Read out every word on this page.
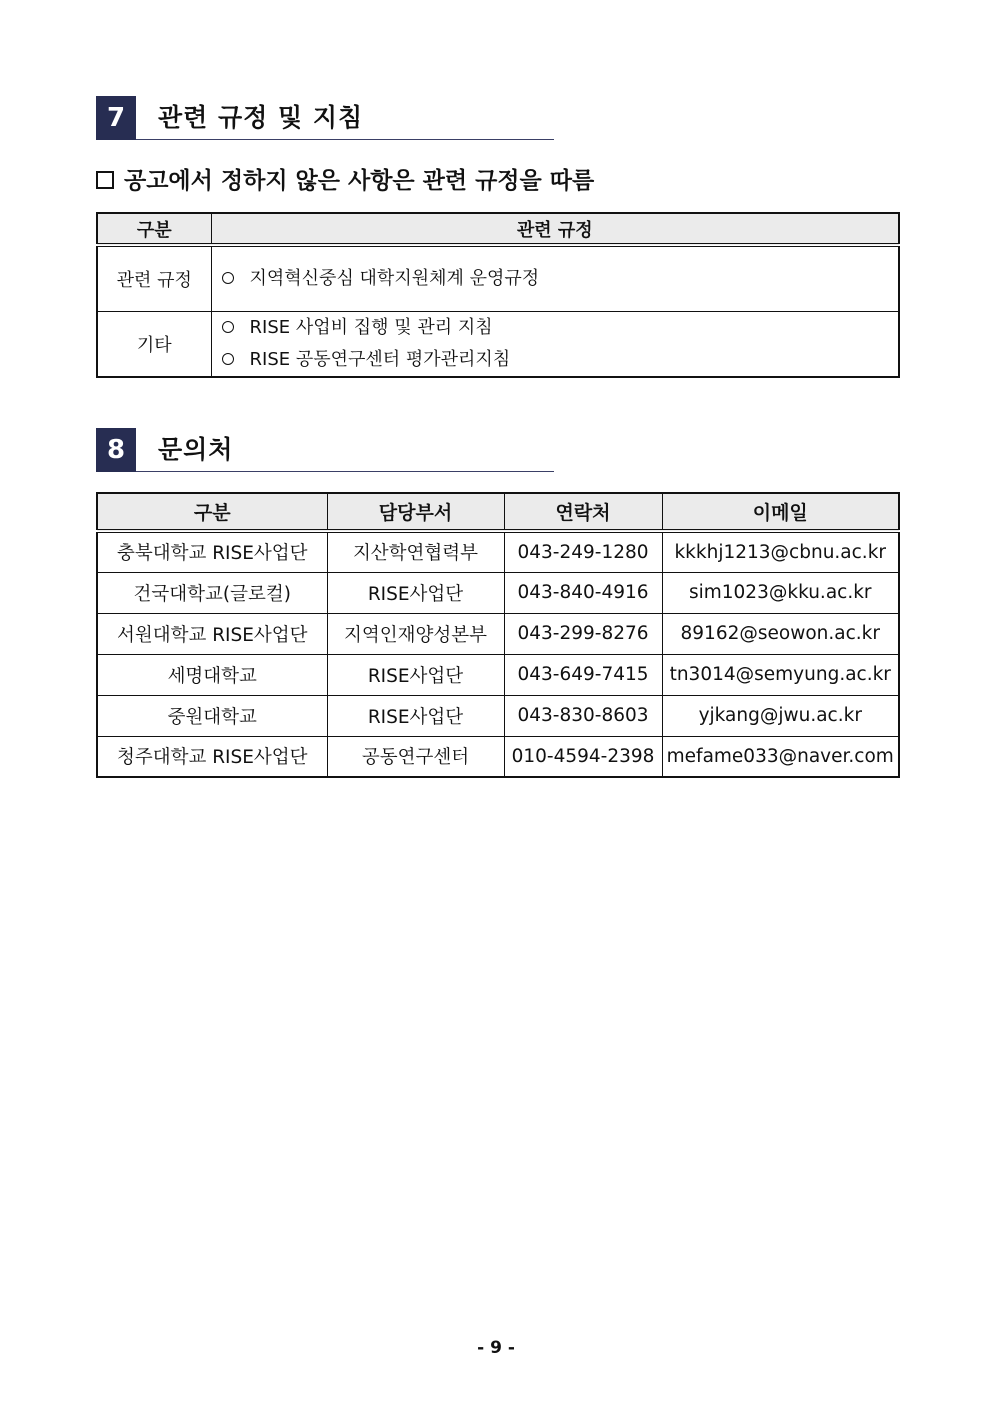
7	관련 규정 및 지침
공고에서 정하지 않은 사항은 관련 규정을 따름
구분	관련 규정
관련 규정	지역혁신중심 대학지원체계 운영규정

기타	RISE 사업비 집행 및 관리 지침
RISE 공동연구센터 평가관리지침
8	문의처
구분	담당부서	연락처	이메일
충북대학교 RISE사업단	지산학연협력부	043-249-1280	kkkhj1213@cbnu.ac.kr
건국대학교(글로컬)	RISE사업단	043-840-4916	sim1023@kku.ac.kr
서원대학교 RISE사업단	지역인재양성본부	043-299-8276	89162@seowon.ac.kr
세명대학교	RISE사업단	043-649-7415	tn3014@semyung.ac.kr
중원대학교	RISE사업단	043-830-8603	yjkang@jwu.ac.kr
청주대학교 RISE사업단	공동연구센터	010-4594-2398	mefame033@naver.com
- 9 -
